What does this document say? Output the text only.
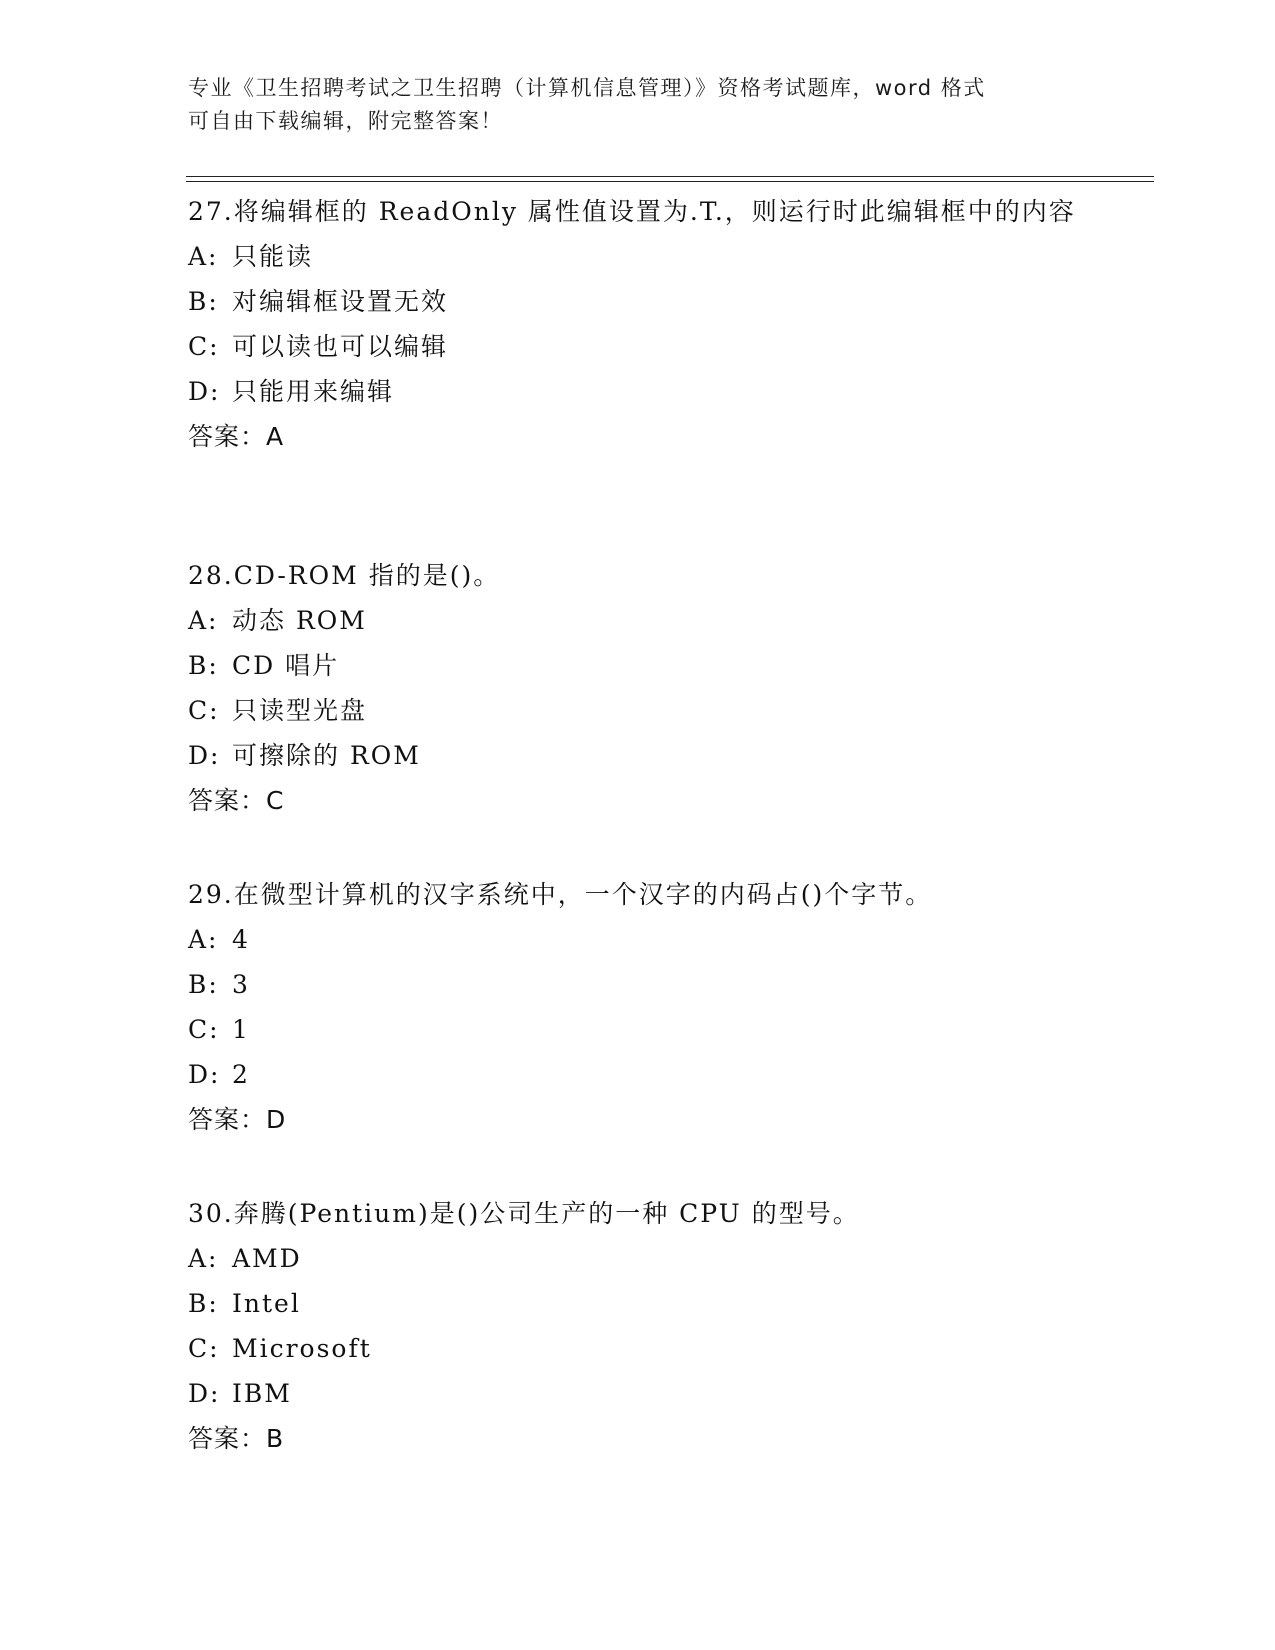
专业《卫生招聘考试之卫生招聘（计算机信息管理）》资格考试题库，word 格式
可自由下载编辑，附完整答案！

27.将编辑框的 ReadOnly 属性值设置为.T.，则运行时此编辑框中的内容

A: 只能读
B: 对编辑框设置无效
C: 可以读也可以编辑
D: 只能用来编辑
答案：A

28.CD-ROM 指的是()。

A: 动态 ROM
B: CD 唱片
C: 只读型光盘
D: 可擦除的 ROM
答案：C

29.在微型计算机的汉字系统中，一个汉字的内码占()个字节。

A: 4
B: 3
C: 1
D: 2
答案：D

30.奔腾(Pentium)是()公司生产的一种 CPU 的型号。

A: AMD
B: Intel
C: Microsoft
D: IBM
答案：B
